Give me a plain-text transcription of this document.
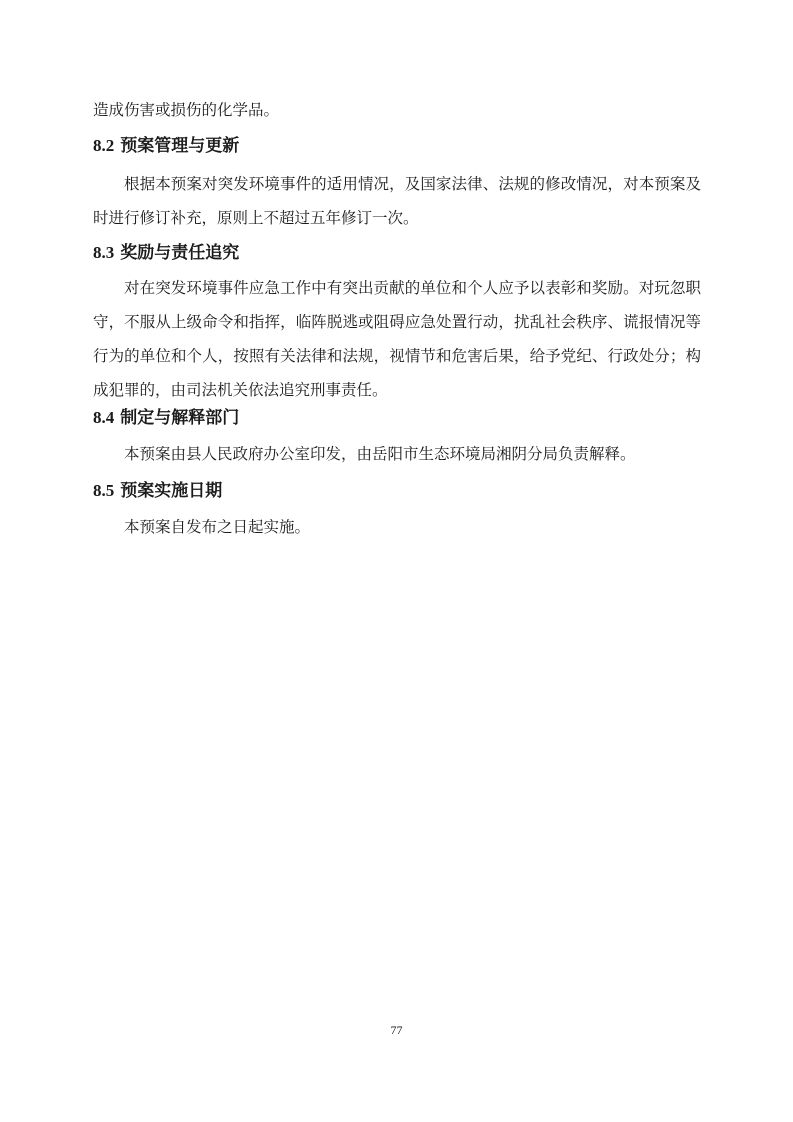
造成伤害或损伤的化学品。

8.2 预案管理与更新

根据本预案对突发环境事件的适用情况，及国家法律、法规的修改情况，对本预案及时进行修订补充，原则上不超过五年修订一次。

8.3 奖励与责任追究

对在突发环境事件应急工作中有突出贡献的单位和个人应予以表彰和奖励。对玩忽职守，不服从上级命令和指挥，临阵脱逃或阻碍应急处置行动，扰乱社会秩序、谎报情况等行为的单位和个人，按照有关法律和法规，视情节和危害后果，给予党纪、行政处分；构成犯罪的，由司法机关依法追究刑事责任。

8.4 制定与解释部门

本预案由县人民政府办公室印发，由岳阳市生态环境局湘阴分局负责解释。

8.5 预案实施日期

本预案自发布之日起实施。

77
